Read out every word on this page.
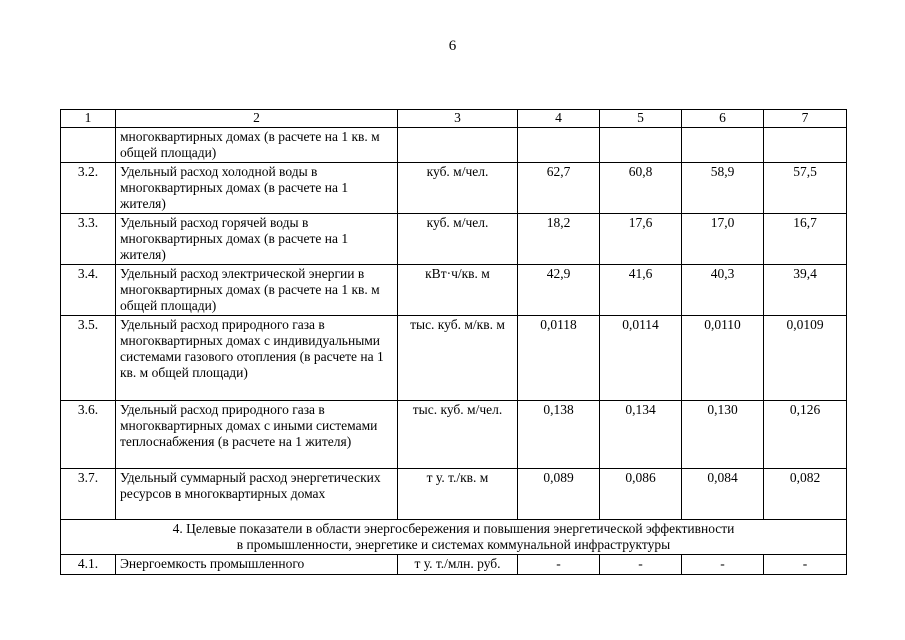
6
1	2	3	4	5	6	7
	многоквартирных домах (в расчете на 1 кв. м общей площади)					
3.2.	Удельный расход холодной воды в многоквартирных домах (в расчете на 1 жителя)	куб. м/чел.	62,7	60,8	58,9	57,5
3.3.	Удельный расход горячей воды в многоквартирных домах (в расчете на 1 жителя)	куб. м/чел.	18,2	17,6	17,0	16,7
3.4.	Удельный расход электрической энергии в многоквартирных домах (в расчете на 1 кв. м общей площади)	кВт·ч/кв. м	42,9	41,6	40,3	39,4
3.5.	Удельный расход природного газа в многоквартирных домах с индивидуальными системами газового отопления (в расчете на 1 кв. м общей площади)	тыс. куб. м/кв. м	0,0118	0,0114	0,0110	0,0109
3.6.	Удельный расход природного газа в многоквартирных домах с иными системами теплоснабжения (в расчете на 1 жителя)	тыс. куб. м/чел.	0,138	0,134	0,130	0,126
3.7.	Удельный суммарный расход энергетических ресурсов в многоквартирных домах	т у. т./кв. м	0,089	0,086	0,084	0,082

4. Целевые показатели в области энергосбережения и повышения энергетической эффективности
в промышленности, энергетике и системах коммунальной инфраструктуры						

4.1.	Энергоемкость промышленного	т у. т./млн. руб.	-	-	-	-
